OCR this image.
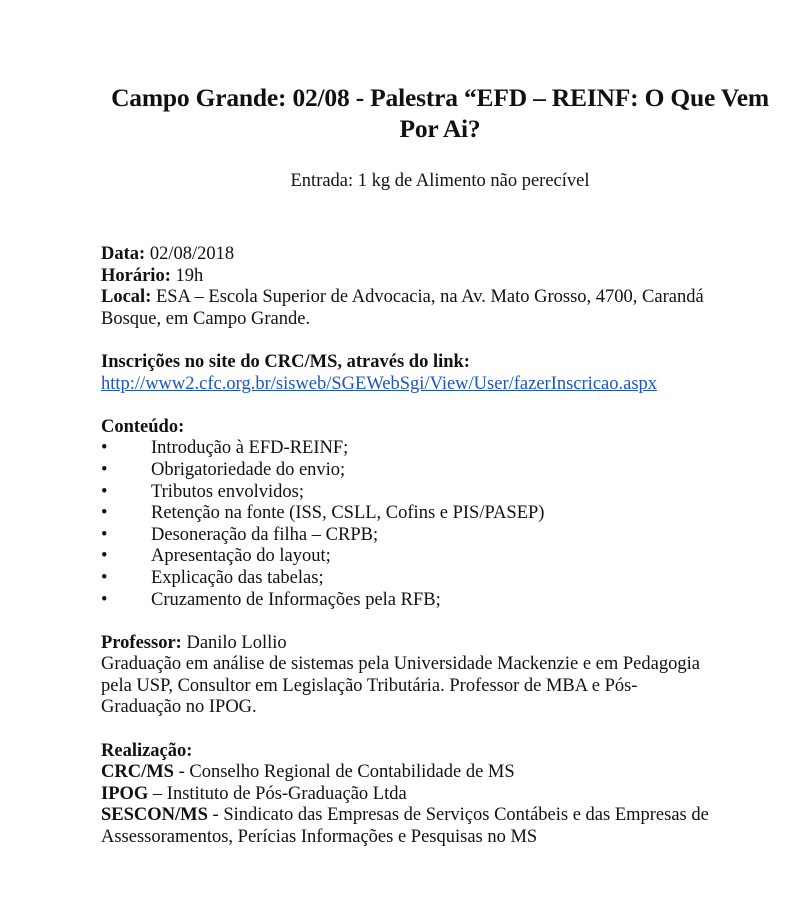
Campo Grande: 02/08 - Palestra “EFD – REINF: O Que Vem Por Ai?
Entrada: 1 kg de Alimento não perecível
Data: 02/08/2018
Horário: 19h
Local: ESA – Escola Superior de Advocacia, na Av. Mato Grosso, 4700, Carandá
Bosque, em Campo Grande.
Inscrições no site do CRC/MS, através do link:
http://www2.cfc.org.br/sisweb/SGEWebSgi/View/User/fazerInscricao.aspx
Conteúdo:
• Introdução à EFD-REINF;
• Obrigatoriedade do envio;
• Tributos envolvidos;
• Retenção na fonte (ISS, CSLL, Cofins e PIS/PASEP)
• Desoneração da filha – CRPB;
• Apresentação do layout;
• Explicação das tabelas;
• Cruzamento de Informações pela RFB;
Professor: Danilo Lollio
Graduação em análise de sistemas pela Universidade Mackenzie e em Pedagogia
pela USP, Consultor em Legislação Tributária. Professor de MBA e Pós-
Graduação no IPOG.
Realização:
CRC/MS - Conselho Regional de Contabilidade de MS
IPOG – Instituto de Pós-Graduação Ltda
SESCON/MS - Sindicato das Empresas de Serviços Contábeis e das Empresas de
Assessoramentos, Perícias Informações e Pesquisas no MS
